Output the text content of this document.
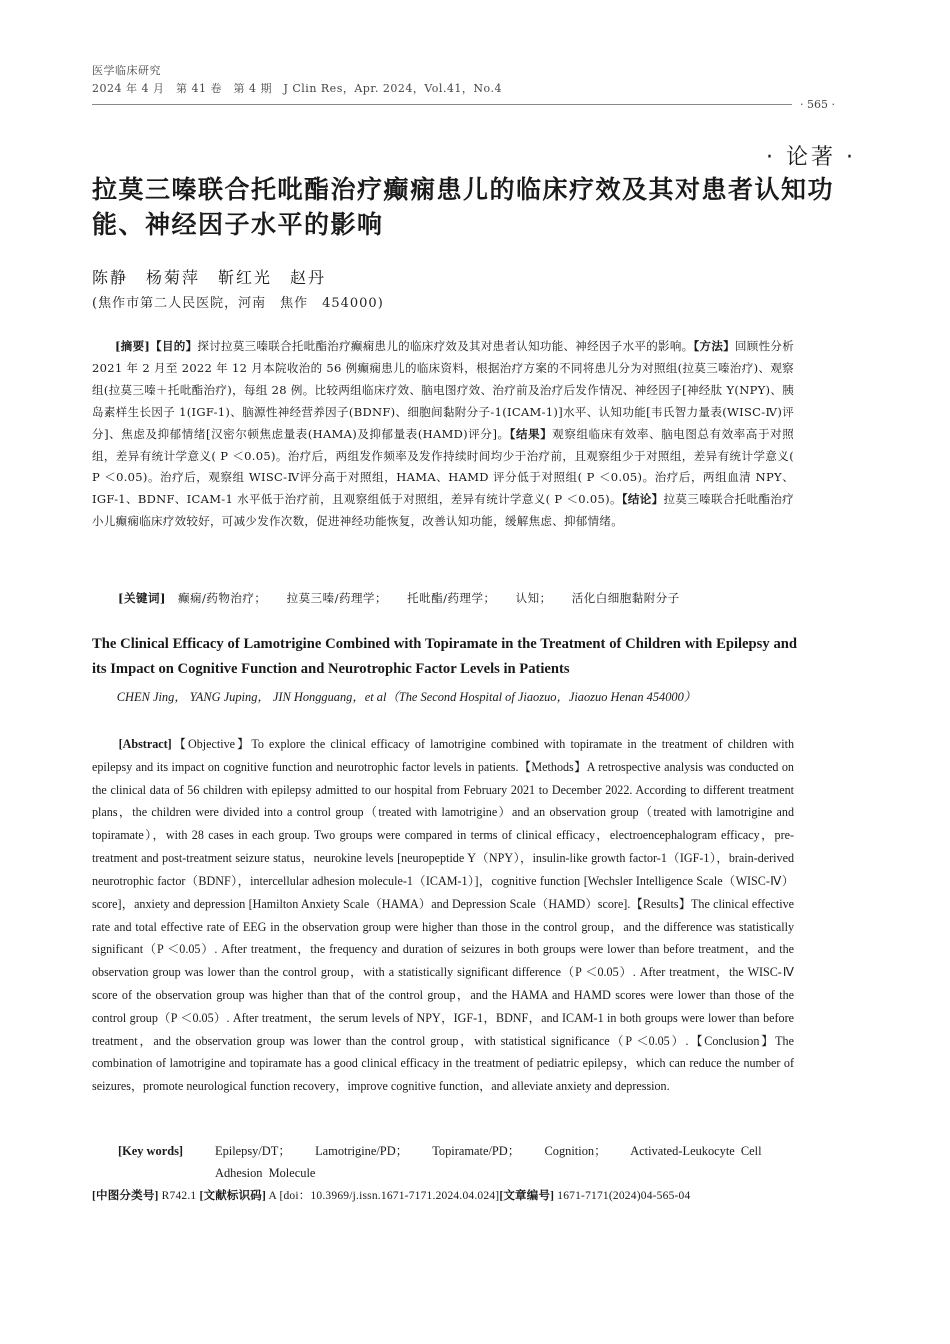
医学临床研究
2024 年 4 月　第 41 卷　第 4 期　J Clin Res，Apr. 2024，Vol.41，No.4
· 565 ·
· 论著 ·
拉莫三嗪联合托吡酯治疗癫痫患儿的临床疗效及其对患者认知功能、神经因子水平的影响
陈静　杨菊萍　靳红光　赵丹
(焦作市第二人民医院，河南　焦作　454000)
[摘要]【目的】探讨拉莫三嗪联合托吡酯治疗癫痫患儿的临床疗效及其对患者认知功能、神经因子水平的影响。【方法】回顾性分析 2021 年 2 月至 2022 年 12 月本院收治的 56 例癫痫患儿的临床资料，根据治疗方案的不同将患儿分为对照组(拉莫三嗪治疗)、观察组(拉莫三嗪＋托吡酯治疗)，每组 28 例。比较两组临床疗效、脑电图疗效、治疗前及治疗后发作情况、神经因子[神经肽 Y(NPY)、胰岛素样生长因子 1(IGF-1)、脑源性神经营养因子(BDNF)、细胞间黏附分子-1(ICAM-1)]水平、认知功能[韦氏智力量表(WISC-Ⅳ)评分]、焦虑及抑郁情绪[汉密尔顿焦虑量表(HAMA)及抑郁量表(HAMD)评分]。【结果】观察组临床有效率、脑电图总有效率高于对照组，差异有统计学意义( P ＜0.05)。治疗后，两组发作频率及发作持续时间均少于治疗前，且观察组少于对照组，差异有统计学意义( P ＜0.05)。治疗后，观察组 WISC-Ⅳ评分高于对照组，HAMA、HAMD 评分低于对照组( P ＜0.05)。治疗后，两组血清 NPY、IGF-1、BDNF、ICAM-1 水平低于治疗前，且观察组低于对照组，差异有统计学意义( P ＜0.05)。【结论】拉莫三嗪联合托吡酯治疗小儿癫痫临床疗效较好，可减少发作次数，促进神经功能恢复，改善认知功能，缓解焦虑、抑郁情绪。
[关键词] 癫痫/药物治疗； 拉莫三嗪/药理学； 托吡酯/药理学； 认知； 活化白细胞黏附分子
The Clinical Efficacy of Lamotrigine Combined with Topiramate in the Treatment of Children with Epilepsy and its Impact on Cognitive Function and Neurotrophic Factor Levels in Patients
CHEN Jing， YANG Juping， JIN Hongguang，et al（The Second Hospital of Jiaozuo，Jiaozuo Henan 454000）
[Abstract]【Objective】To explore the clinical efficacy of lamotrigine combined with topiramate in the treatment of children with epilepsy and its impact on cognitive function and neurotrophic factor levels in patients.【Methods】A retrospective analysis was conducted on the clinical data of 56 children with epilepsy admitted to our hospital from February 2021 to December 2022. According to different treatment plans，the children were divided into a control group（treated with lamotrigine）and an observation group（treated with lamotrigine and topiramate），with 28 cases in each group. Two groups were compared in terms of clinical efficacy，electroencephalogram efficacy，pre-treatment and post-treatment seizure status，neurokine levels [neuropeptide Y（NPY），insulin-like growth factor-1（IGF-1），brain-derived neurotrophic factor（BDNF），intercellular adhesion molecule-1（ICAM-1）]，cognitive function [Wechsler Intelligence Scale（WISC-Ⅳ）score]，anxiety and depression [Hamilton Anxiety Scale（HAMA）and Depression Scale（HAMD）score].【Results】The clinical effective rate and total effective rate of EEG in the observation group were higher than those in the control group，and the difference was statistically significant（P ＜0.05）. After treatment，the frequency and duration of seizures in both groups were lower than before treatment，and the observation group was lower than the control group，with a statistically significant difference（P ＜0.05）. After treatment，the WISC-Ⅳ score of the observation group was higher than that of the control group，and the HAMA and HAMD scores were lower than those of the control group（P ＜0.05）. After treatment，the serum levels of NPY，IGF-1，BDNF，and ICAM-1 in both groups were lower than before treatment，and the observation group was lower than the control group，with statistical significance（P ＜0.05）.【Conclusion】The combination of lamotrigine and topiramate has a good clinical efficacy in the treatment of pediatric epilepsy，which can reduce the number of seizures，promote neurological function recovery，improve cognitive function，and alleviate anxiety and depression.
[Key words]	Epilepsy/DT； Lamotrigine/PD； Topiramate/PD； Cognition； Activated-Leukocyte Cell Adhesion Molecule
[中图分类号] R742.1 [文献标识码] A [doi：10.3969/j.issn.1671-7171.2024.04.024][文章编号] 1671-7171(2024)04-565-04
